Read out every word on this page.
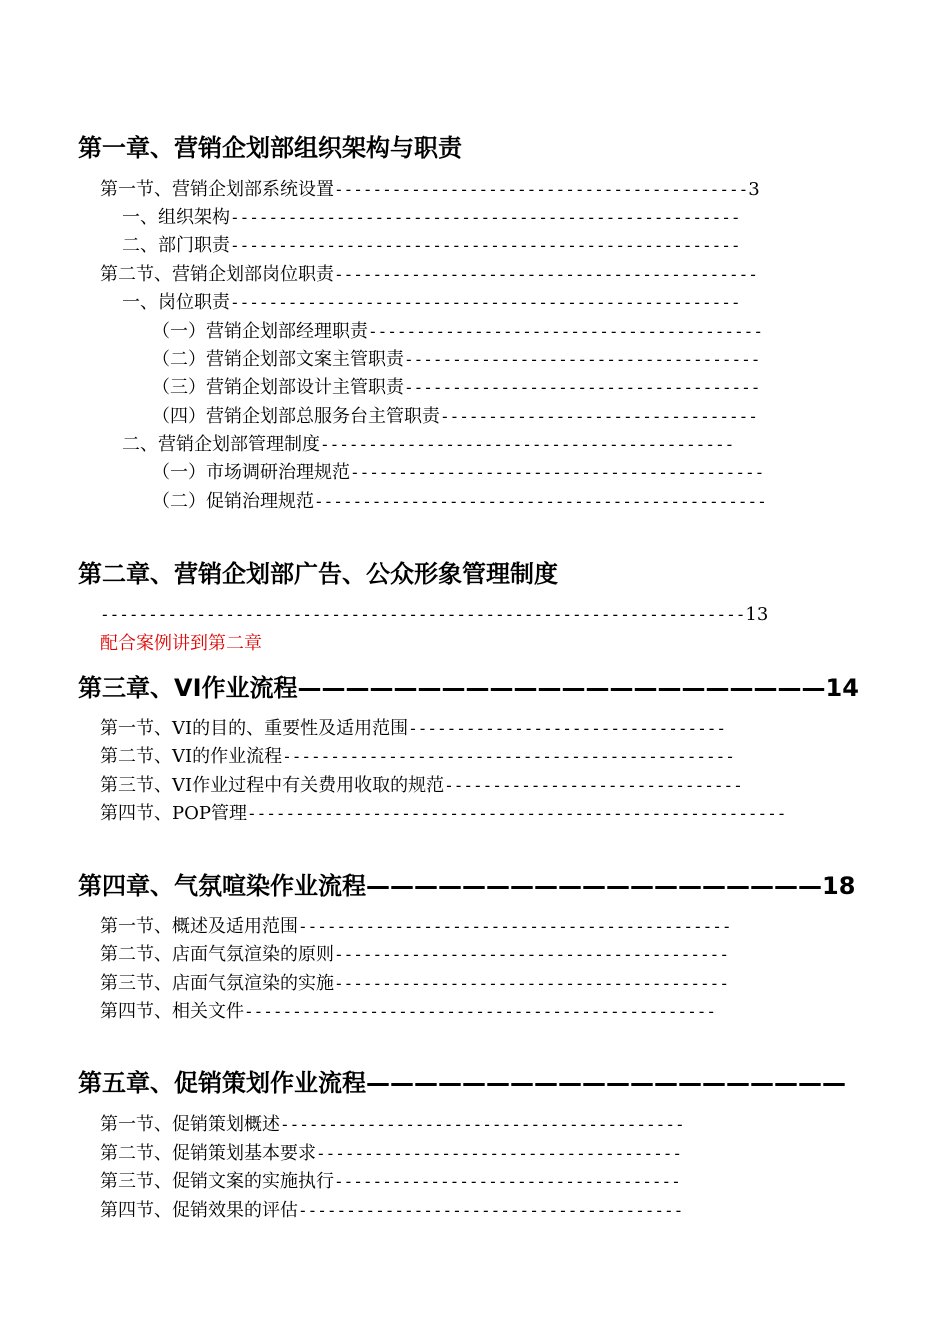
第一章、营销企划部组织架构与职责
第一节、营销企划部系统设置-------------------------------------------3
一、组织架构-----------------------------------------------------
二、部门职责-----------------------------------------------------
第二节、营销企划部岗位职责--------------------------------------------
一、岗位职责-----------------------------------------------------
（一）营销企划部经理职责-----------------------------------------
（二）营销企划部文案主管职责-------------------------------------
（三）营销企划部设计主管职责-------------------------------------
（四）营销企划部总服务台主管职责---------------------------------
二、营销企划部管理制度-------------------------------------------
（一）市场调研治理规范-------------------------------------------
（二）促销治理规范-----------------------------------------------
第二章、营销企划部广告、公众形象管理制度
-------------------------------------------------------------------13
配合案例讲到第二章
第三章、VI作业流程——————————————————————14
第一节、VI的目的、重要性及适用范围---------------------------------
第二节、VI的作业流程-----------------------------------------------
第三节、VI作业过程中有关费用收取的规范-------------------------------
第四节、POP管理--------------------------------------------------------
第四章、气氛喧染作业流程———————————————————18
第一节、概述及适用范围---------------------------------------------
第二节、店面气氛渲染的原则-----------------------------------------
第三节、店面气氛渲染的实施-----------------------------------------
第四节、相关文件-------------------------------------------------
第五章、促销策划作业流程————————————————————
第一节、促销策划概述------------------------------------------
第二节、促销策划基本要求--------------------------------------
第三节、促销文案的实施执行------------------------------------
第四节、促销效果的评估----------------------------------------
